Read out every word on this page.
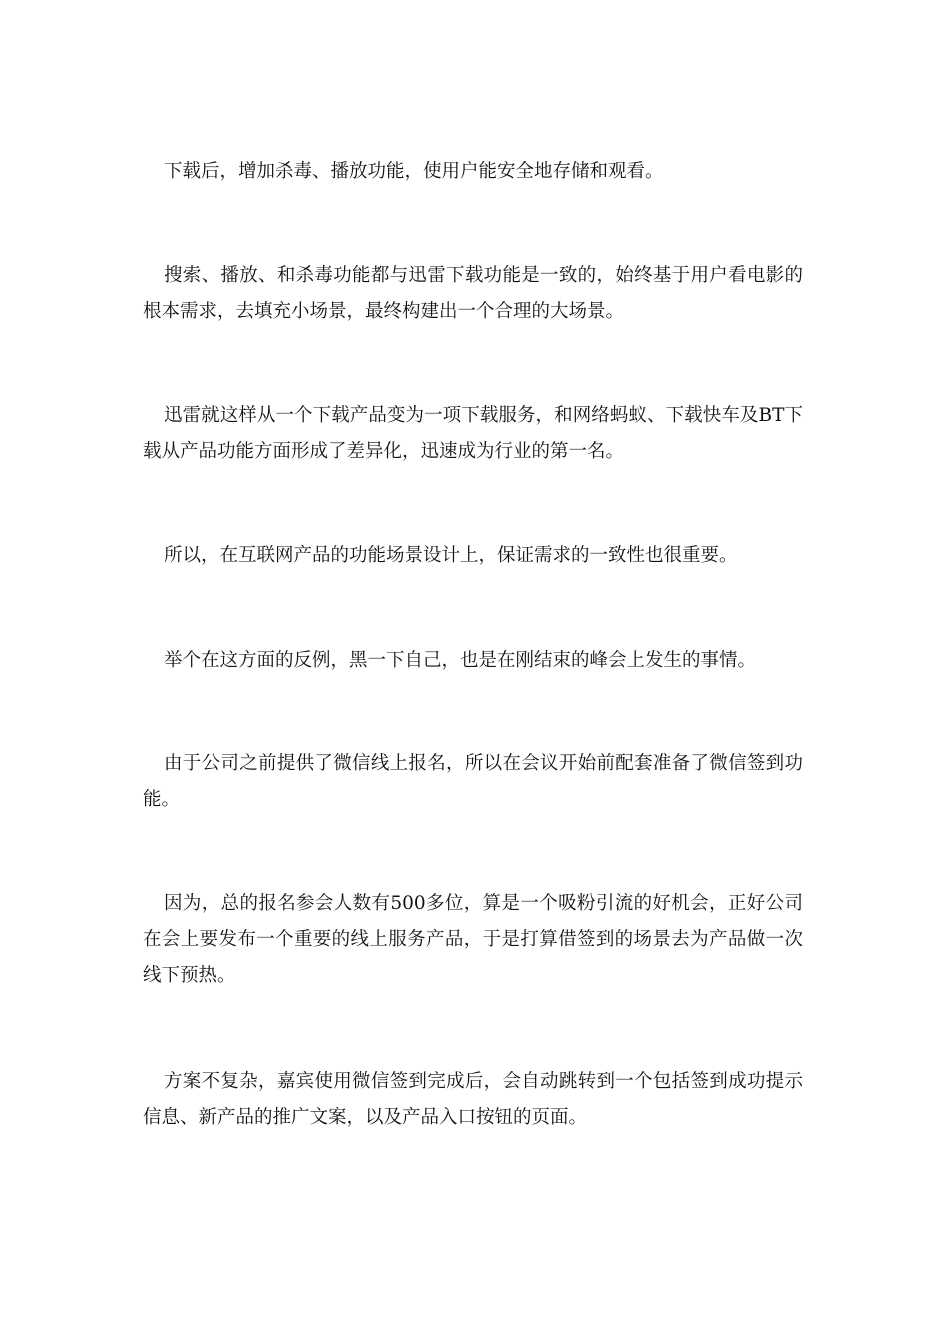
下载后，增加杀毒、播放功能，使用户能安全地存储和观看。

搜索、播放、和杀毒功能都与迅雷下载功能是一致的，始终基于用户看电影的根本需求，去填充小场景，最终构建出一个合理的大场景。

迅雷就这样从一个下载产品变为一项下载服务，和网络蚂蚁、下载快车及BT下载从产品功能方面形成了差异化，迅速成为行业的第一名。

所以，在互联网产品的功能场景设计上，保证需求的一致性也很重要。

举个在这方面的反例，黑一下自己，也是在刚结束的峰会上发生的事情。

由于公司之前提供了微信线上报名，所以在会议开始前配套准备了微信签到功能。

因为，总的报名参会人数有500多位，算是一个吸粉引流的好机会，正好公司在会上要发布一个重要的线上服务产品，于是打算借签到的场景去为产品做一次线下预热。

方案不复杂，嘉宾使用微信签到完成后，会自动跳转到一个包括签到成功提示信息、新产品的推广文案，以及产品入口按钮的页面。
